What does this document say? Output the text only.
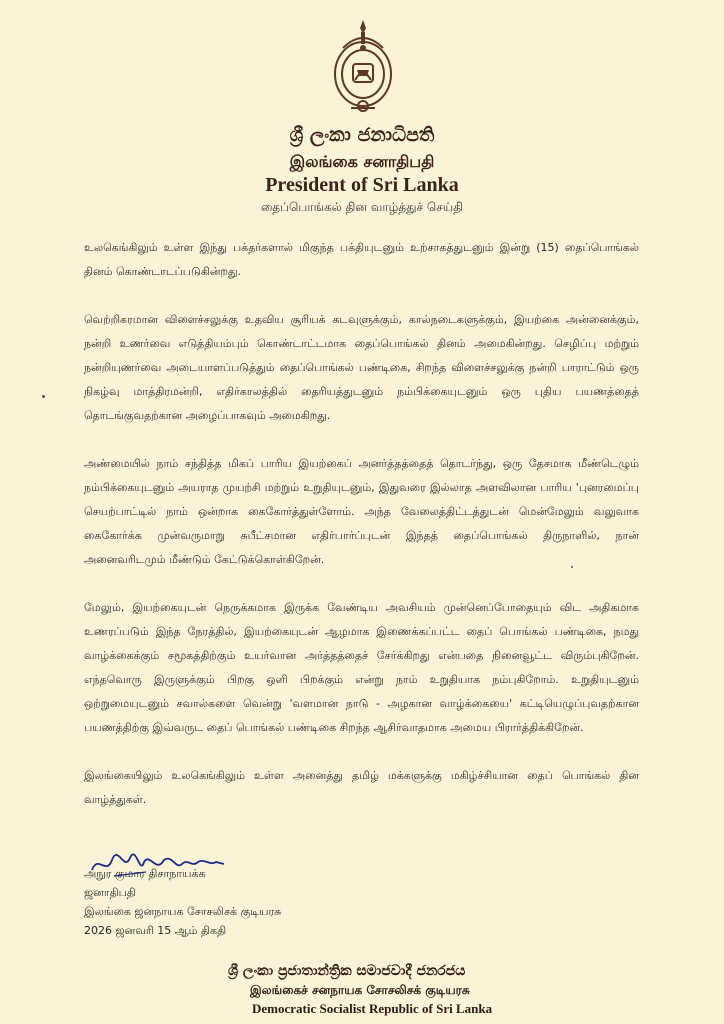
ශ්‍රී ලංකා ජනාධිපති
இலங்கை சனாதிபதி
President of Sri Lanka
தைப்பொங்கல் தின வாழ்த்துச் செய்தி

உலகெங்கிலும் உள்ள இந்து பக்தர்களால் மிகுந்த பக்தியுடனும் உற்சாகத்துடனும் இன்று (15) தைப்பொங்கல் தினம் கொண்டாடப்படுகின்றது.

வெற்றிகரமான விளைச்சலுக்கு உதவிய சூரியக் கடவுளுக்கும், கால்நடைகளுக்கும், இயற்கை அன்னைக்கும், நன்றி உணர்வை எடுத்தியம்பும் கொண்டாட்டமாக தைப்பொங்கல் தினம் அமைகின்றது. செழிப்பு மற்றும் நன்றியுணர்வை அடையாளப்படுத்தும் தைப்பொங்கல் பண்டிகை, சிறந்த விளைச்சலுக்கு நன்றி பாராட்டும் ஒரு நிகழ்வு மாத்திரமன்றி, எதிர்காலத்தில் தைரியத்துடனும் நம்பிக்கையுடனும் ஒரு புதிய பயணத்தைத் தொடங்குவதற்கான அழைப்பாகவும் அமைகிறது.

அண்மையில் நாம் சந்தித்த மிகப் பாரிய இயற்கைப் அனர்த்தத்தைத் தொடர்ந்து, ஒரு தேசமாக மீண்டெழும் நம்பிக்கையுடனும் அயராத முயற்சி மற்றும் உறுதியுடனும், இதுவரை இல்லாத அளவிலான பாரிய 'புனரமைப்பு செயற்பாட்டில் நாம் ஒன்றாக கைகோர்த்துள்ளோம். அந்த வேலைத்திட்டத்துடன் மென்மேலும் வலுவாக கைகோர்க்க முன்வருமாறு சுபீட்சமான எதிர்பார்ப்புடன் இந்தத் தைப்பொங்கல் திருநாளில், நான் அனைவரிடமும் மீண்டும் கேட்டுக்கொள்கிறேன்.

மேலும், இயற்கையுடன் நெருக்கமாக இருக்க வேண்டிய அவசியம் முன்னெப்போதையும் விட அதிகமாக உணரப்படும் இந்த நேரத்தில், இயற்கையுடன் ஆழமாக இணைக்கப்பட்ட தைப் பொங்கல் பண்டிகை, நமது வாழ்க்கைக்கும் சமூகத்திற்கும் உயர்வான அர்த்தத்தைச் சேர்க்கிறது என்பதை நினைவூட்ட விரும்புகிறேன். எந்தவொரு இருளுக்கும் பிறகு ஒளி பிறக்கும் என்று நாம் உறுதியாக நம்புகிறோம். உறுதியுடனும் ஒற்றுமையுடனும் சவால்களை வென்று 'வளமான நாடு - அழகான வாழ்க்கையை' கட்டியெழுப்புவதற்கான பயணத்திற்கு இவ்வருட தைப் பொங்கல் பண்டிகை சிறந்த ஆசிர்வாதமாக அமைய பிரார்த்திக்கிறேன்.

இலங்கையிலும் உலகெங்கிலும் உள்ள அனைத்து தமிழ் மக்களுக்கு மகிழ்ச்சியான தைப் பொங்கல் தின வாழ்த்துகள்.

அநுர குமார திசாநாயக்க
ஜனாதிபதி
இலங்கை ஜனநாயக சோசலிசக் குடியரசு
2026 ஜனவரி 15 ஆம் திகதி
ශ්‍රී ලංකා ප්‍රජාතාන්ත්‍රික සමාජවාදී ජනරජය
இலங்கைச் சனநாயக சோசலிசக் குடியரசு
Democratic Socialist Republic of Sri Lanka
